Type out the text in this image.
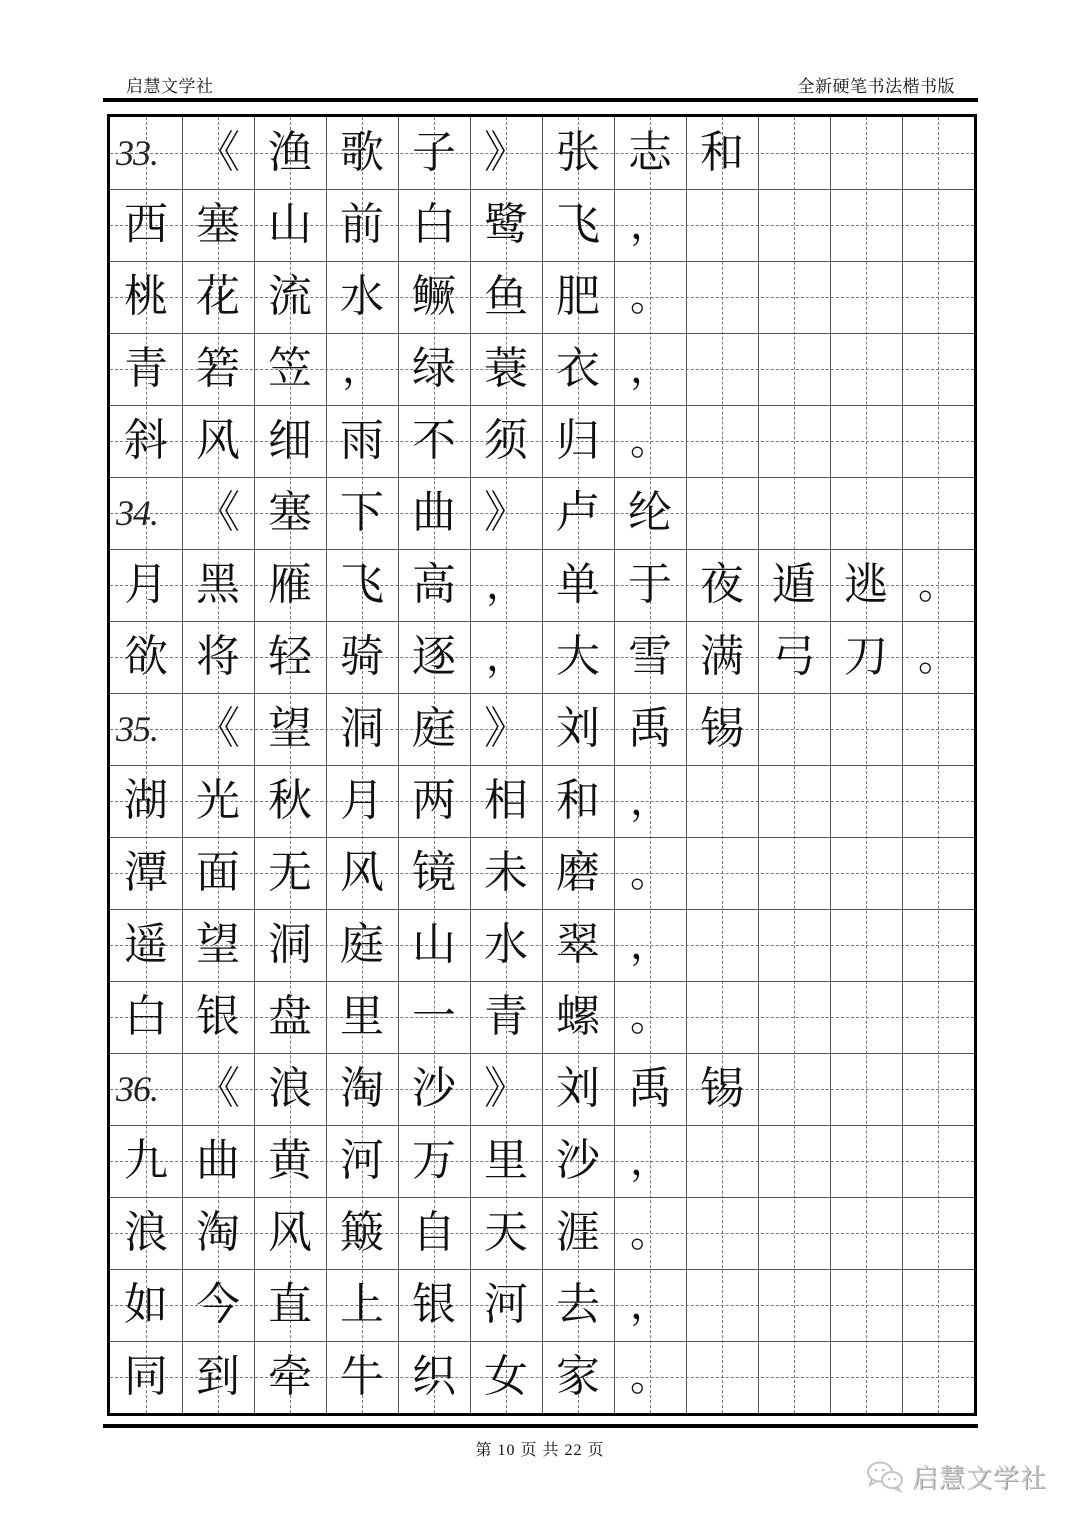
启慧文学社	全新硬笔书法楷书版
33. 《 渔 歌 子 》 张 志 和
西 塞 山 前 白 鹭 飞 ，
桃 花 流 水 鳜 鱼 肥 。
青 箬 笠 ， 绿 蓑 衣 ，
斜 风 细 雨 不 须 归 。
34. 《 塞 下 曲 》 卢 纶
月 黑 雁 飞 高 ， 单 于 夜 遁 逃 。
欲 将 轻 骑 逐 ， 大 雪 满 弓 刀 。
35. 《 望 洞 庭 》 刘 禹 锡
湖 光 秋 月 两 相 和 ，
潭 面 无 风 镜 未 磨 。
遥 望 洞 庭 山 水 翠 ，
白 银 盘 里 一 青 螺 。
36. 《 浪 淘 沙 》 刘 禹 锡
九 曲 黄 河 万 里 沙 ，
浪 淘 风 簸 自 天 涯 。
如 今 直 上 银 河 去 ，
同 到 牵 牛 织 女 家 。
第 10 页 共 22 页
启慧文学社
